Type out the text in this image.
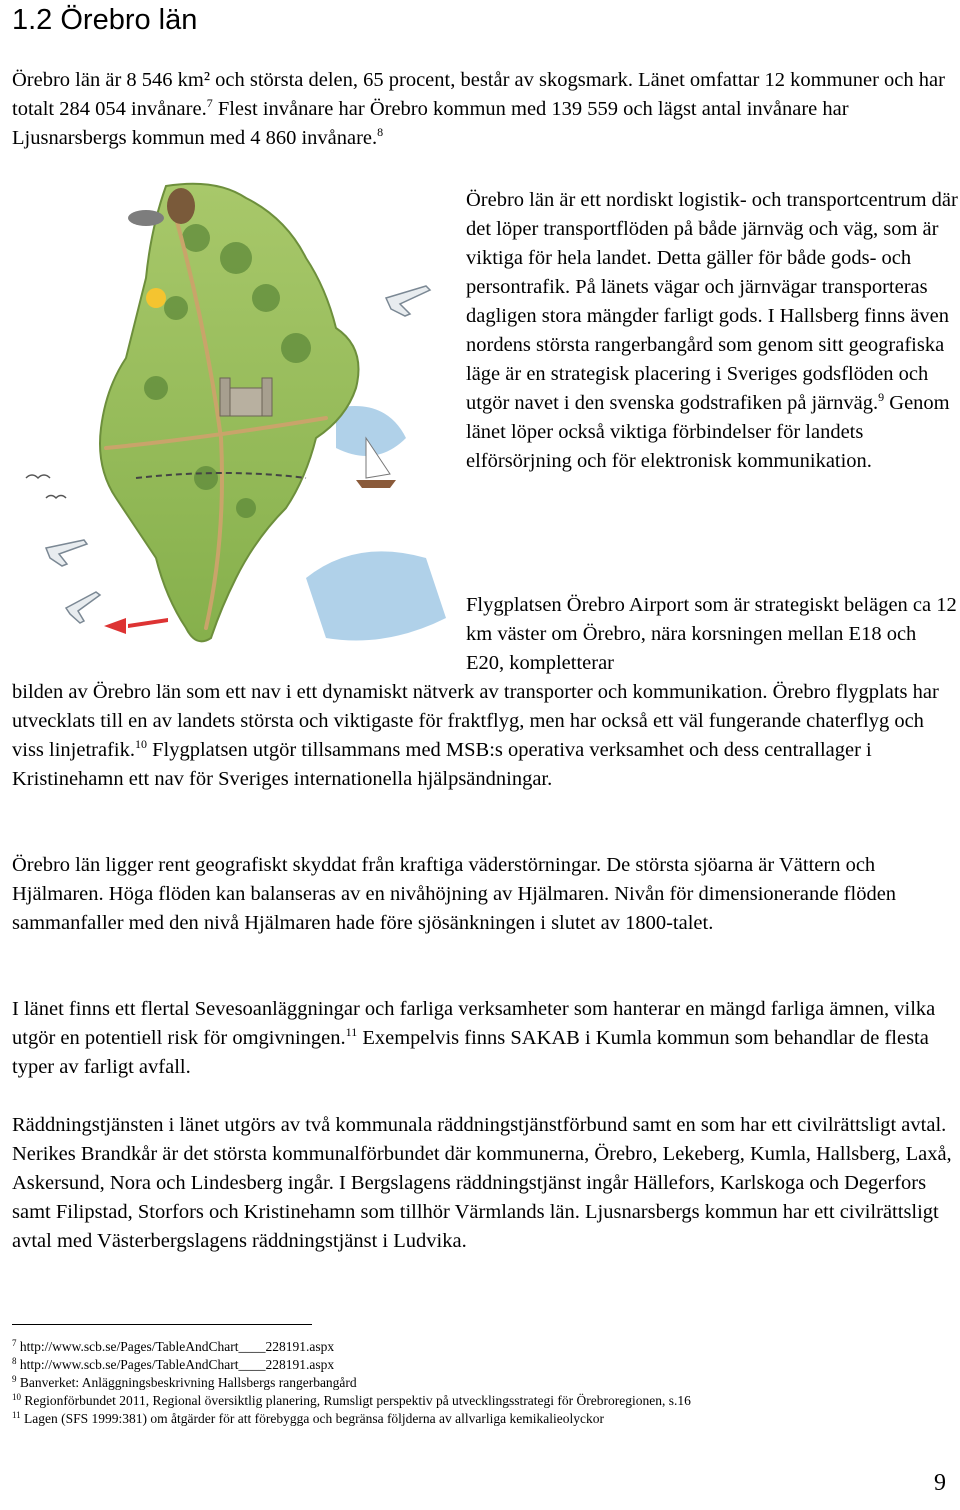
1.2 Örebro län

Örebro län är 8 546 km² och största delen, 65 procent, består av skogsmark. Länet omfattar 12 kommuner och har totalt 284 054 invånare.$^7$ Flest invånare har Örebro kommun med 139 559 och lägst antal invånare har Ljusnarsbergs kommun med 4 860 invånare.$^8$

Örebro län är ett nordiskt logistik- och transportcentrum där det löper transportflöden på både järnväg och väg, som är viktiga för hela landet. Detta gäller för både gods- och persontrafik. På länets vägar och järnvägar transporteras dagligen stora mängder farligt gods. I Hallsberg finns även nordens största rangerbangård som genom sitt geografiska läge är en strategisk placering i Sveriges godsflöden och utgör navet i den svenska godstrafiken på järnväg.$^9$ Genom länet löper också viktiga förbindelser för landets elförsörjning och för elektronisk kommunikation.

Flygplatsen Örebro Airport som är strategiskt belägen ca 12 km väster om Örebro, nära korsningen mellan E18 och E20, kompletterar

bilden av Örebro län som ett nav i ett dynamiskt nätverk av transporter och kommunikation. Örebro flygplats har utvecklats till en av landets största och viktigaste för fraktflyg, men har också ett väl fungerande chaterflyg och viss linjetrafik.$^{10}$ Flygplatsen utgör tillsammans med MSB:s operativa verksamhet och dess centrallager i Kristinehamn ett nav för Sveriges internationella hjälpsändningar.

Örebro län ligger rent geografiskt skyddat från kraftiga väderstörningar. De största sjöarna är Vättern och Hjälmaren. Höga flöden kan balanseras av en nivåhöjning av Hjälmaren. Nivån för dimensionerande flöden sammanfaller med den nivå Hjälmaren hade före sjösänkningen i slutet av 1800-talet.

I länet finns ett flertal Sevesoanläggningar och farliga verksamheter som hanterar en mängd farliga ämnen, vilka utgör en potentiell risk för omgivningen.$^{11}$ Exempelvis finns SAKAB i Kumla kommun som behandlar de flesta typer av farligt avfall.

Räddningstjänsten i länet utgörs av två kommunala räddningstjänstförbund samt en som har ett civilrättsligt avtal. Nerikes Brandkår är det största kommunalförbundet där kommunerna, Örebro, Lekeberg, Kumla, Hallsberg, Laxå, Askersund, Nora och Lindesberg ingår. I Bergslagens räddningstjänst ingår Hällefors, Karlskoga och Degerfors samt Filipstad, Storfors och Kristinehamn som tillhör Värmlands län. Ljusnarsbergs kommun har ett civilrättsligt avtal med Västerbergslagens räddningstjänst i Ludvika.

$^7$ http://www.scb.se/Pages/TableAndChart____228191.aspx

$^8$ http://www.scb.se/Pages/TableAndChart____228191.aspx

$^9$ Banverket: Anläggningsbeskrivning Hallsbergs rangerbangård

$^{10}$ Regionförbundet 2011, Regional översiktlig planering, Rumsligt perspektiv på utvecklingsstrategi för Örebroregionen, s.16

$^{11}$ Lagen (SFS 1999:381) om åtgärder för att förebygga och begränsa följderna av allvarliga kemikalieolyckor

9
